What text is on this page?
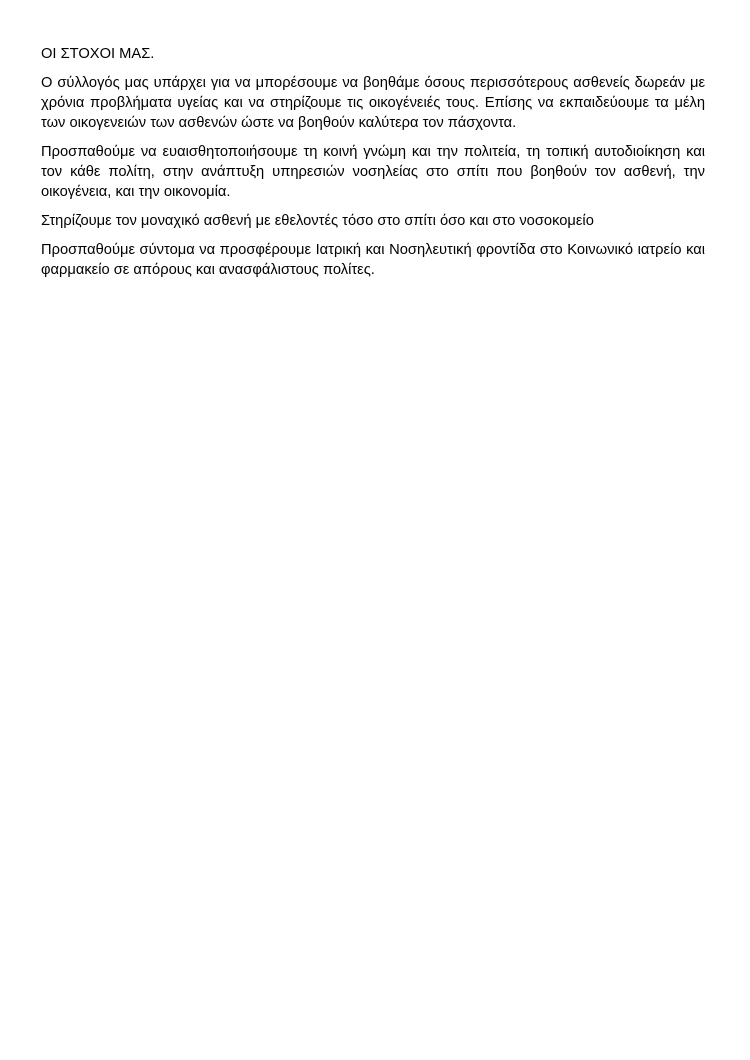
ΟΙ ΣΤΟΧΟΙ ΜΑΣ.

Ο σύλλογός μας υπάρχει για να μπορέσουμε να βοηθάμε όσους περισσότερους ασθενείς δωρεάν με χρόνια προβλήματα υγείας και να στηρίζουμε τις οικογένειές τους. Επίσης να εκπαιδεύουμε τα μέλη των οικογενειών των ασθενών ώστε να βοηθούν καλύτερα τον πάσχοντα.

Προσπαθούμε να ευαισθητοποιήσουμε τη κοινή γνώμη και την πολιτεία, τη τοπική αυτοδιοίκηση και τον κάθε πολίτη, στην ανάπτυξη υπηρεσιών νοσηλείας στο σπίτι που βοηθούν τον ασθενή, την οικογένεια, και την οικονομία.

Στηρίζουμε τον μοναχικό ασθενή με εθελοντές τόσο στο σπίτι όσο και στο νοσοκομείο

Προσπαθούμε σύντομα να προσφέρουμε Ιατρική και Νοσηλευτική φροντίδα στο Κοινωνικό ιατρείο και φαρμακείο σε απόρους και ανασφάλιστους πολίτες.
